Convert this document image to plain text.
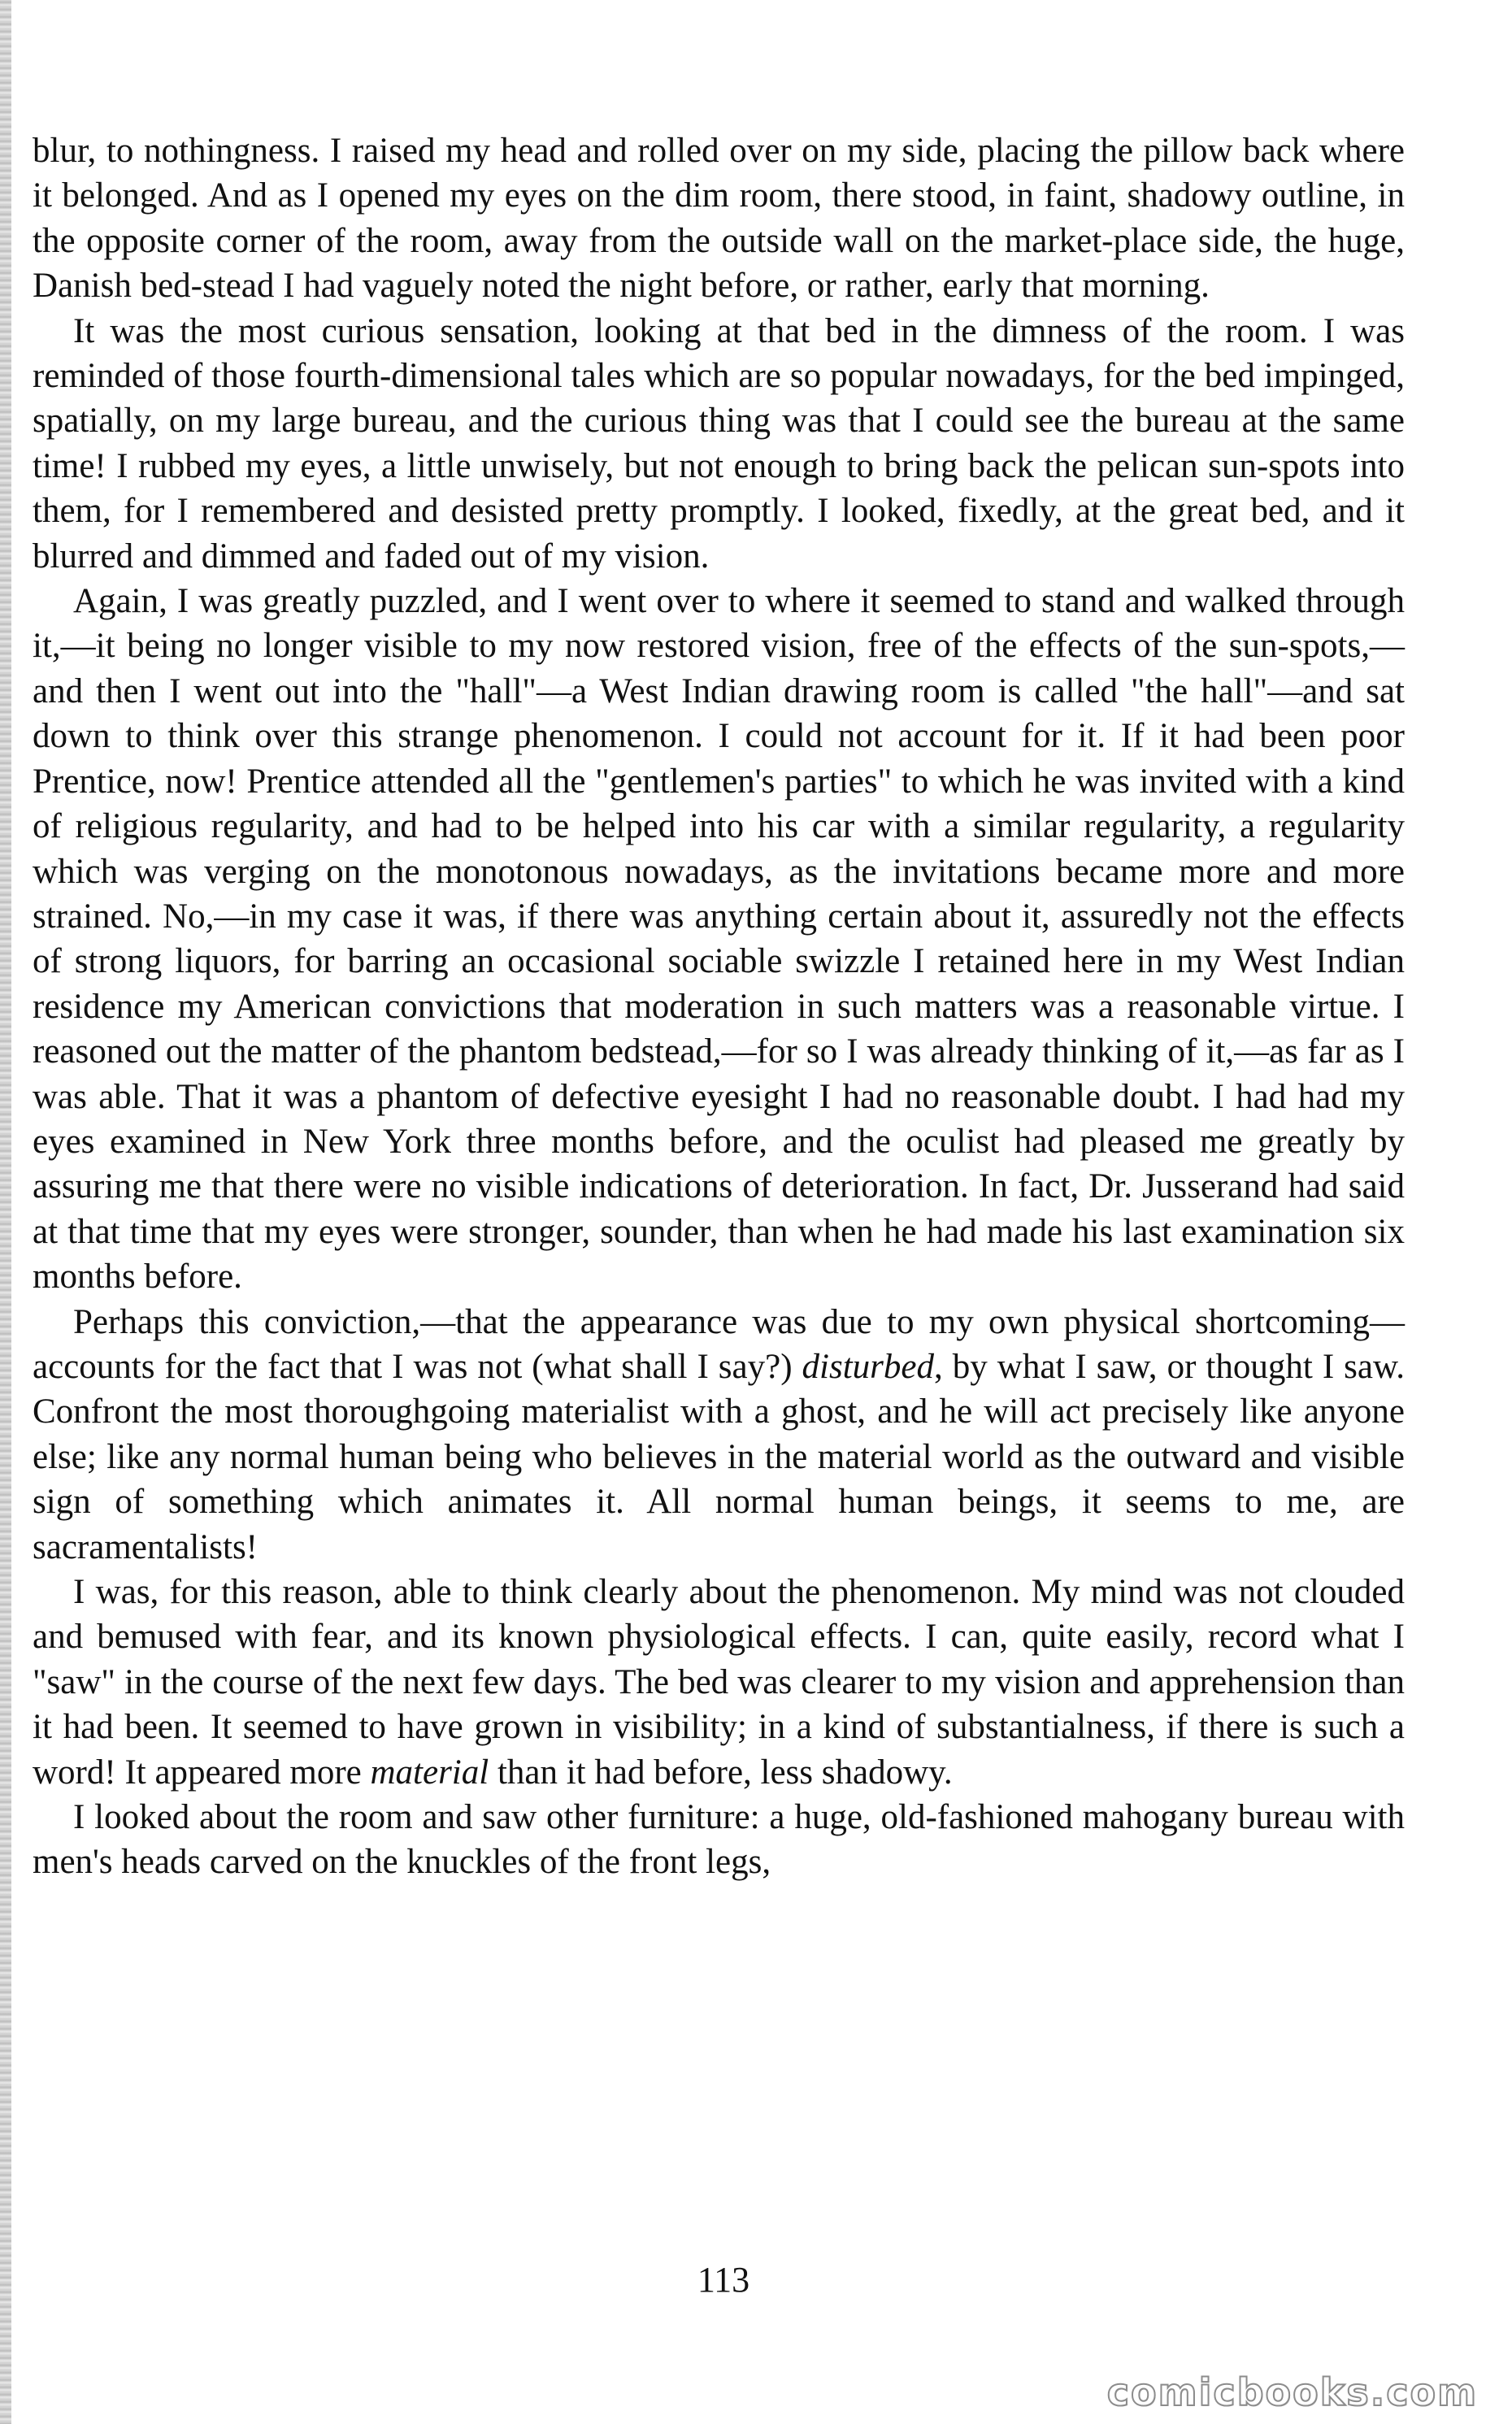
blur, to nothingness. I raised my head and rolled over on my side, placing the pillow back where it belonged. And as I opened my eyes on the dim room, there stood, in faint, shadowy outline, in the opposite corner of the room, away from the outside wall on the market-place side, the huge, Danish bed-stead I had vaguely noted the night before, or rather, early that morning.

It was the most curious sensation, looking at that bed in the dimness of the room. I was reminded of those fourth-dimensional tales which are so popular nowadays, for the bed impinged, spatially, on my large bureau, and the curious thing was that I could see the bureau at the same time! I rubbed my eyes, a little unwisely, but not enough to bring back the pelican sun-spots into them, for I remembered and desisted pretty promptly. I looked, fixedly, at the great bed, and it blurred and dimmed and faded out of my vision.

Again, I was greatly puzzled, and I went over to where it seemed to stand and walked through it,—it being no longer visible to my now restored vision, free of the effects of the sun-spots,—and then I went out into the "hall"—a West Indian drawing room is called "the hall"—and sat down to think over this strange phenomenon. I could not account for it. If it had been poor Prentice, now! Prentice attended all the "gentlemen's parties" to which he was invited with a kind of religious regularity, and had to be helped into his car with a similar regularity, a regularity which was verging on the monotonous nowadays, as the invitations became more and more strained. No,—in my case it was, if there was anything certain about it, assuredly not the effects of strong liquors, for barring an occasional sociable swizzle I retained here in my West Indian residence my American convictions that moderation in such matters was a reasonable virtue. I reasoned out the matter of the phantom bedstead,—for so I was already thinking of it,—as far as I was able. That it was a phantom of defective eyesight I had no reasonable doubt. I had had my eyes examined in New York three months before, and the oculist had pleased me greatly by assuring me that there were no visible indications of deterioration. In fact, Dr. Jusserand had said at that time that my eyes were stronger, sounder, than when he had made his last examination six months before.

Perhaps this conviction,—that the appearance was due to my own physical shortcoming—accounts for the fact that I was not (what shall I say?) disturbed, by what I saw, or thought I saw. Confront the most thoroughgoing materialist with a ghost, and he will act precisely like anyone else; like any normal human being who believes in the material world as the outward and visible sign of something which animates it. All normal human beings, it seems to me, are sacramentalists!

I was, for this reason, able to think clearly about the phenomenon. My mind was not clouded and bemused with fear, and its known physiological effects. I can, quite easily, record what I "saw" in the course of the next few days. The bed was clearer to my vision and apprehension than it had been. It seemed to have grown in visibility; in a kind of substantialness, if there is such a word! It appeared more material than it had before, less shadowy.

I looked about the room and saw other furniture: a huge, old-fashioned mahogany bureau with men's heads carved on the knuckles of the front legs,

113
comicbooks.com
